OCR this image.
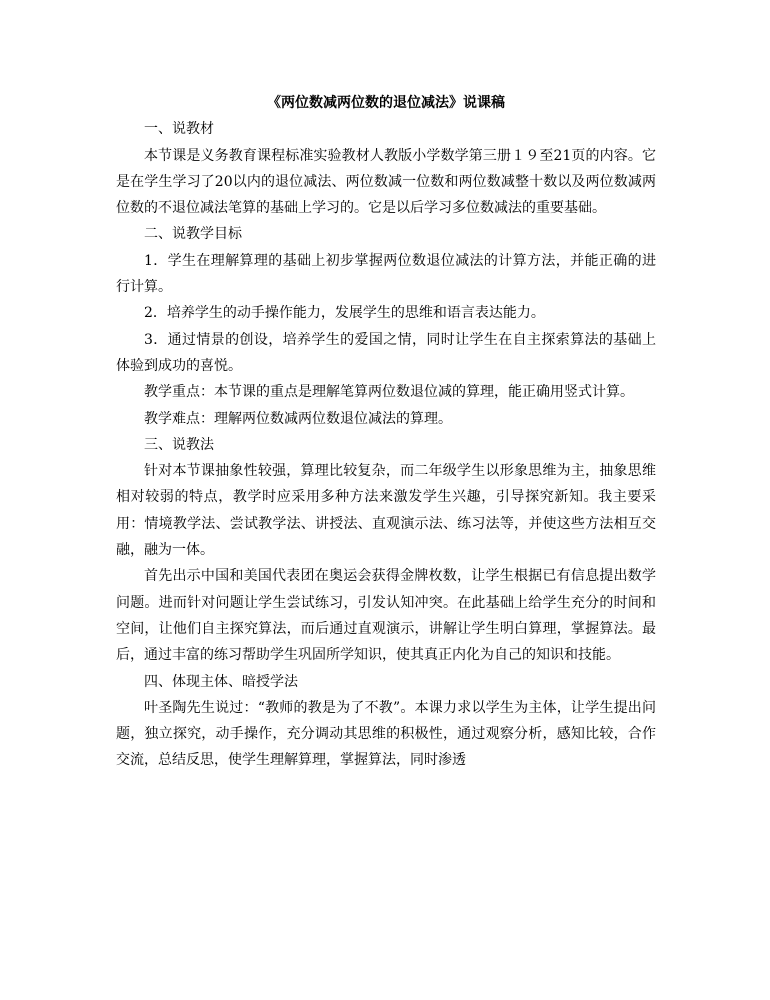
《两位数减两位数的退位减法》说课稿

一、说教材

本节课是义务教育课程标准实验教材人教版小学数学第三册１９至21页的内容。它是在学生学习了20以内的退位减法、两位数减一位数和两位数减整十数以及两位数减两位数的不退位减法笔算的基础上学习的。它是以后学习多位数减法的重要基础。

二、说教学目标

1．学生在理解算理的基础上初步掌握两位数退位减法的计算方法，并能正确的进行计算。

2．培养学生的动手操作能力，发展学生的思维和语言表达能力。

3．通过情景的创设，培养学生的爱国之情，同时让学生在自主探索算法的基础上体验到成功的喜悦。

教学重点：本节课的重点是理解笔算两位数退位减的算理，能正确用竖式计算。

教学难点：理解两位数减两位数退位减法的算理。

三、说教法

针对本节课抽象性较强，算理比较复杂，而二年级学生以形象思维为主，抽象思维相对较弱的特点，教学时应采用多种方法来激发学生兴趣，引导探究新知。我主要采用：情境教学法、尝试教学法、讲授法、直观演示法、练习法等，并使这些方法相互交融，融为一体。

首先出示中国和美国代表团在奥运会获得金牌枚数，让学生根据已有信息提出数学问题。进而针对问题让学生尝试练习，引发认知冲突。在此基础上给学生充分的时间和空间，让他们自主探究算法，而后通过直观演示，讲解让学生明白算理，掌握算法。最后，通过丰富的练习帮助学生巩固所学知识，使其真正内化为自己的知识和技能。

四、体现主体、暗授学法

叶圣陶先生说过：“教师的教是为了不教”。本课力求以学生为主体，让学生提出问题，独立探究，动手操作，充分调动其思维的积极性，通过观察分析，感知比较，合作交流，总结反思，使学生理解算理，掌握算法，同时渗透
